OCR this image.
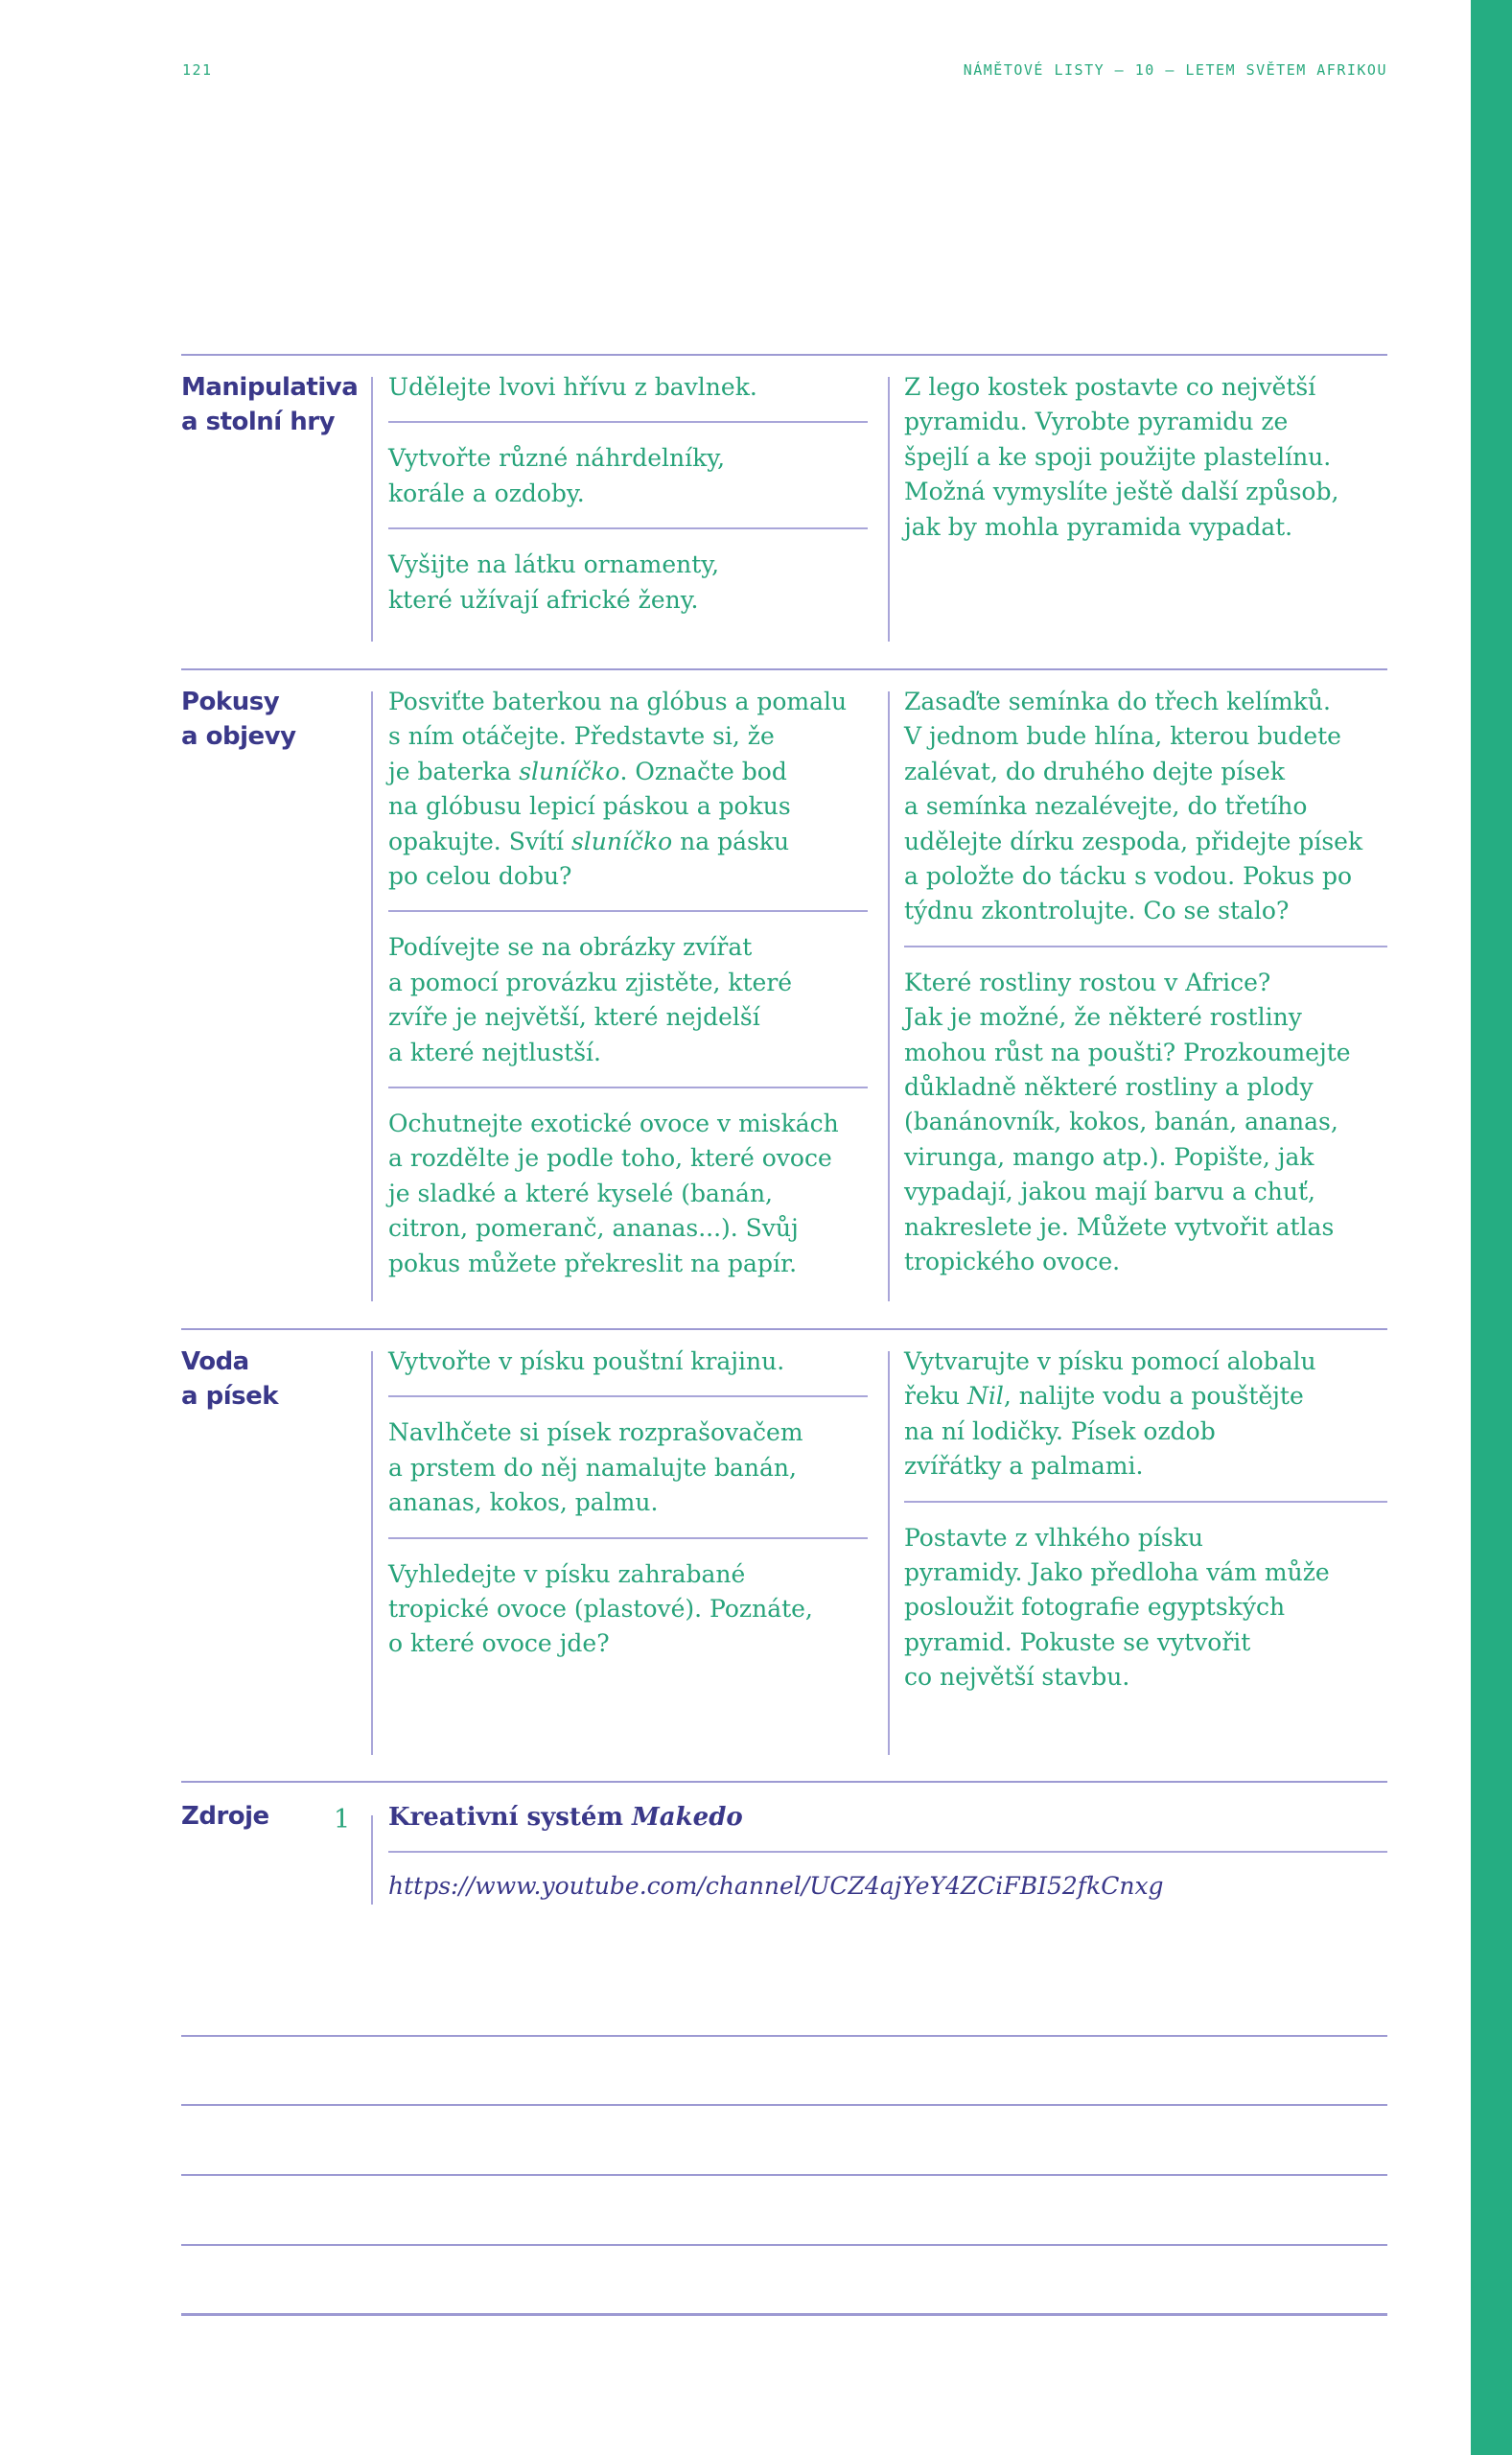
121	NÁMĚTOVÉ LISTY – 10 – LETEM SVĚTEM AFRIKOU
Manipulativa
a stolní hry
Udělejte lvovi hřívu z bavlnek.
Vytvořte různé náhrdelníky,
korále a ozdoby.
Vyšijte na látku ornamenty,
které užívají africké ženy.
Z lego kostek postavte co největší
pyramidu. Vyrobte pyramidu ze
špejlí a ke spoji použijte plastelínu.
Možná vymyslíte ještě další způsob,
jak by mohla pyramida vypadat.
Pokusy
a objevy
Posviťte baterkou na glóbus a pomalu
s ním otáčejte. Představte si, že
je baterka sluníčko. Označte bod
na glóbusu lepicí páskou a pokus
opakujte. Svítí sluníčko na pásku
po celou dobu?
Podívejte se na obrázky zvířat
a pomocí provázku zjistěte, které
zvíře je největší, které nejdelší
a které nejtlustší.
Ochutnejte exotické ovoce v miskách
a rozdělte je podle toho, které ovoce
je sladké a které kyselé (banán,
citron, pomeranč, ananas...). Svůj
pokus můžete překreslit na papír.
Zasaďte semínka do třech kelímků.
V jednom bude hlína, kterou budete
zalévat, do druhého dejte písek
a semínka nezalévejte, do třetího
udělejte dírku zespoda, přidejte písek
a položte do tácku s vodou. Pokus po
týdnu zkontrolujte. Co se stalo?
Které rostliny rostou v Africe?
Jak je možné, že některé rostliny
mohou růst na poušti? Prozkoumejte
důkladně některé rostliny a plody
(banánovník, kokos, banán, ananas,
virunga, mango atp.). Popište, jak
vypadají, jakou mají barvu a chuť,
nakreslete je. Můžete vytvořit atlas
tropického ovoce.
Voda
a písek
Vytvořte v písku pouštní krajinu.
Navlhčete si písek rozprašovačem
a prstem do něj namalujte banán,
ananas, kokos, palmu.
Vyhledejte v písku zahrabané
tropické ovoce (plastové). Poznáte,
o které ovoce jde?
Vytvarujte v písku pomocí alobalu
řeku Nil, nalijte vodu a pouštějte
na ní lodičky. Písek ozdob
zvířátky a palmami.
Postavte z vlhkého písku
pyramidy. Jako předloha vám může
posloužit fotografie egyptských
pyramid. Pokuste se vytvořit
co největší stavbu.
Zdroje 1 Kreativní systém Makedo
https://www.youtube.com/channel/UCZ4ajYeY4ZCiFBI52fkCnxg
